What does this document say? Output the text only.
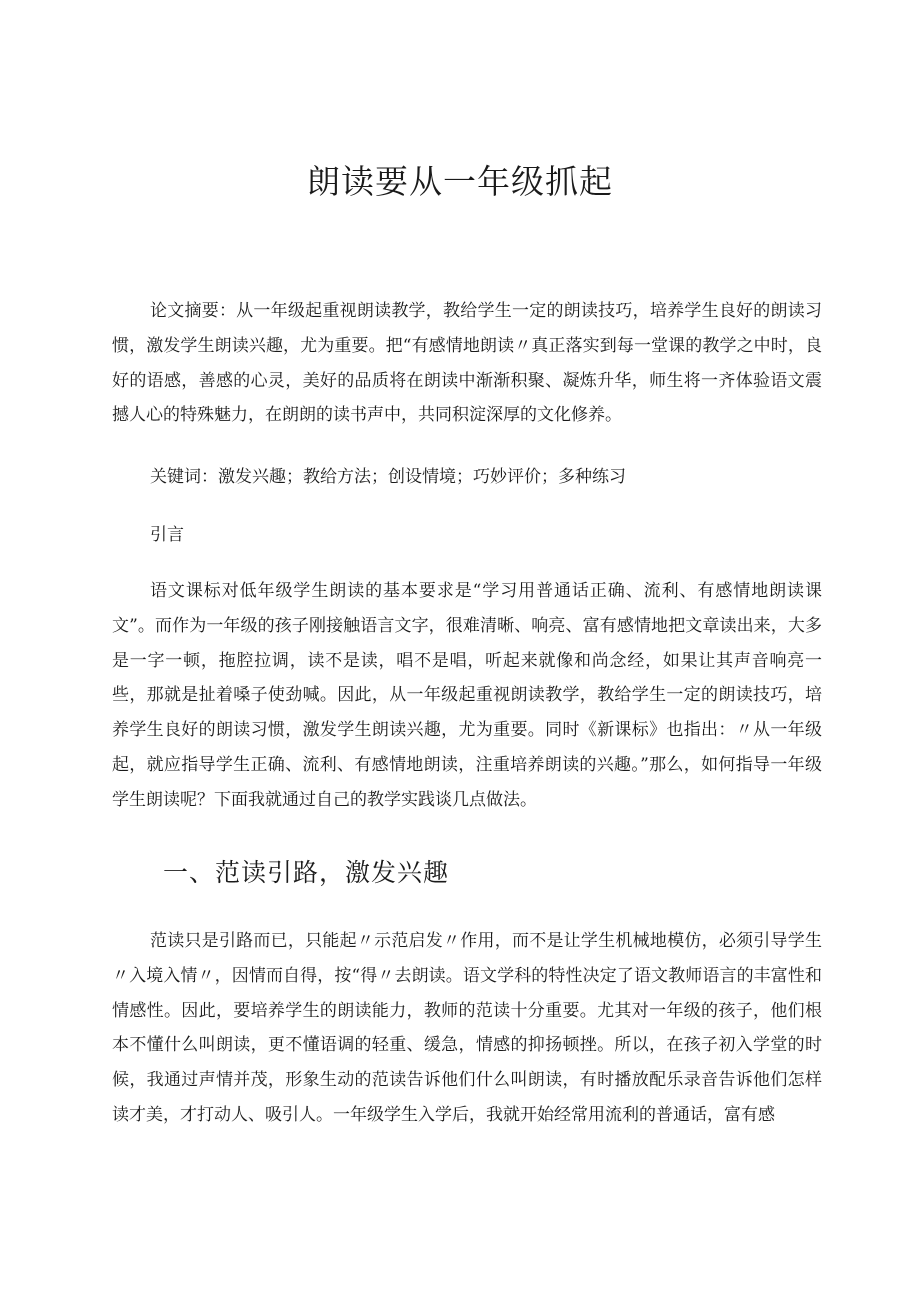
朗读要从一年级抓起

论文摘要：从一年级起重视朗读教学，教给学生一定的朗读技巧，培养学生良好的朗读习惯，激发学生朗读兴趣，尤为重要。把“有感情地朗读〃真正落实到每一堂课的教学之中时，良好的语感，善感的心灵，美好的品质将在朗读中渐渐积聚、凝炼升华，师生将一齐体验语文震撼人心的特殊魅力，在朗朗的读书声中，共同积淀深厚的文化修养。

关键词：激发兴趣；教给方法；创设情境；巧妙评价；多种练习

引言

语文课标对低年级学生朗读的基本要求是“学习用普通话正确、流利、有感情地朗读课文”。而作为一年级的孩子刚接触语言文字，很难清晰、响亮、富有感情地把文章读出来，大多是一字一顿，拖腔拉调，读不是读，唱不是唱，听起来就像和尚念经，如果让其声音响亮一些，那就是扯着嗓子使劲喊。因此，从一年级起重视朗读教学，教给学生一定的朗读技巧，培养学生良好的朗读习惯，激发学生朗读兴趣，尤为重要。同时《新课标》也指出：〃从一年级起，就应指导学生正确、流利、有感情地朗读，注重培养朗读的兴趣。”那么，如何指导一年级学生朗读呢？下面我就通过自己的教学实践谈几点做法。

一、范读引路，激发兴趣

范读只是引路而已，只能起〃示范启发〃作用，而不是让学生机械地模仿，必须引导学生〃入境入情〃，因情而自得，按“得〃去朗读。语文学科的特性决定了语文教师语言的丰富性和情感性。因此，要培养学生的朗读能力，教师的范读十分重要。尤其对一年级的孩子，他们根本不懂什么叫朗读，更不懂语调的轻重、缓急，情感的抑扬顿挫。所以，在孩子初入学堂的时候，我通过声情并茂，形象生动的范读告诉他们什么叫朗读，有时播放配乐录音告诉他们怎样读才美，才打动人、吸引人。一年级学生入学后，我就开始经常用流利的普通话，富有感
